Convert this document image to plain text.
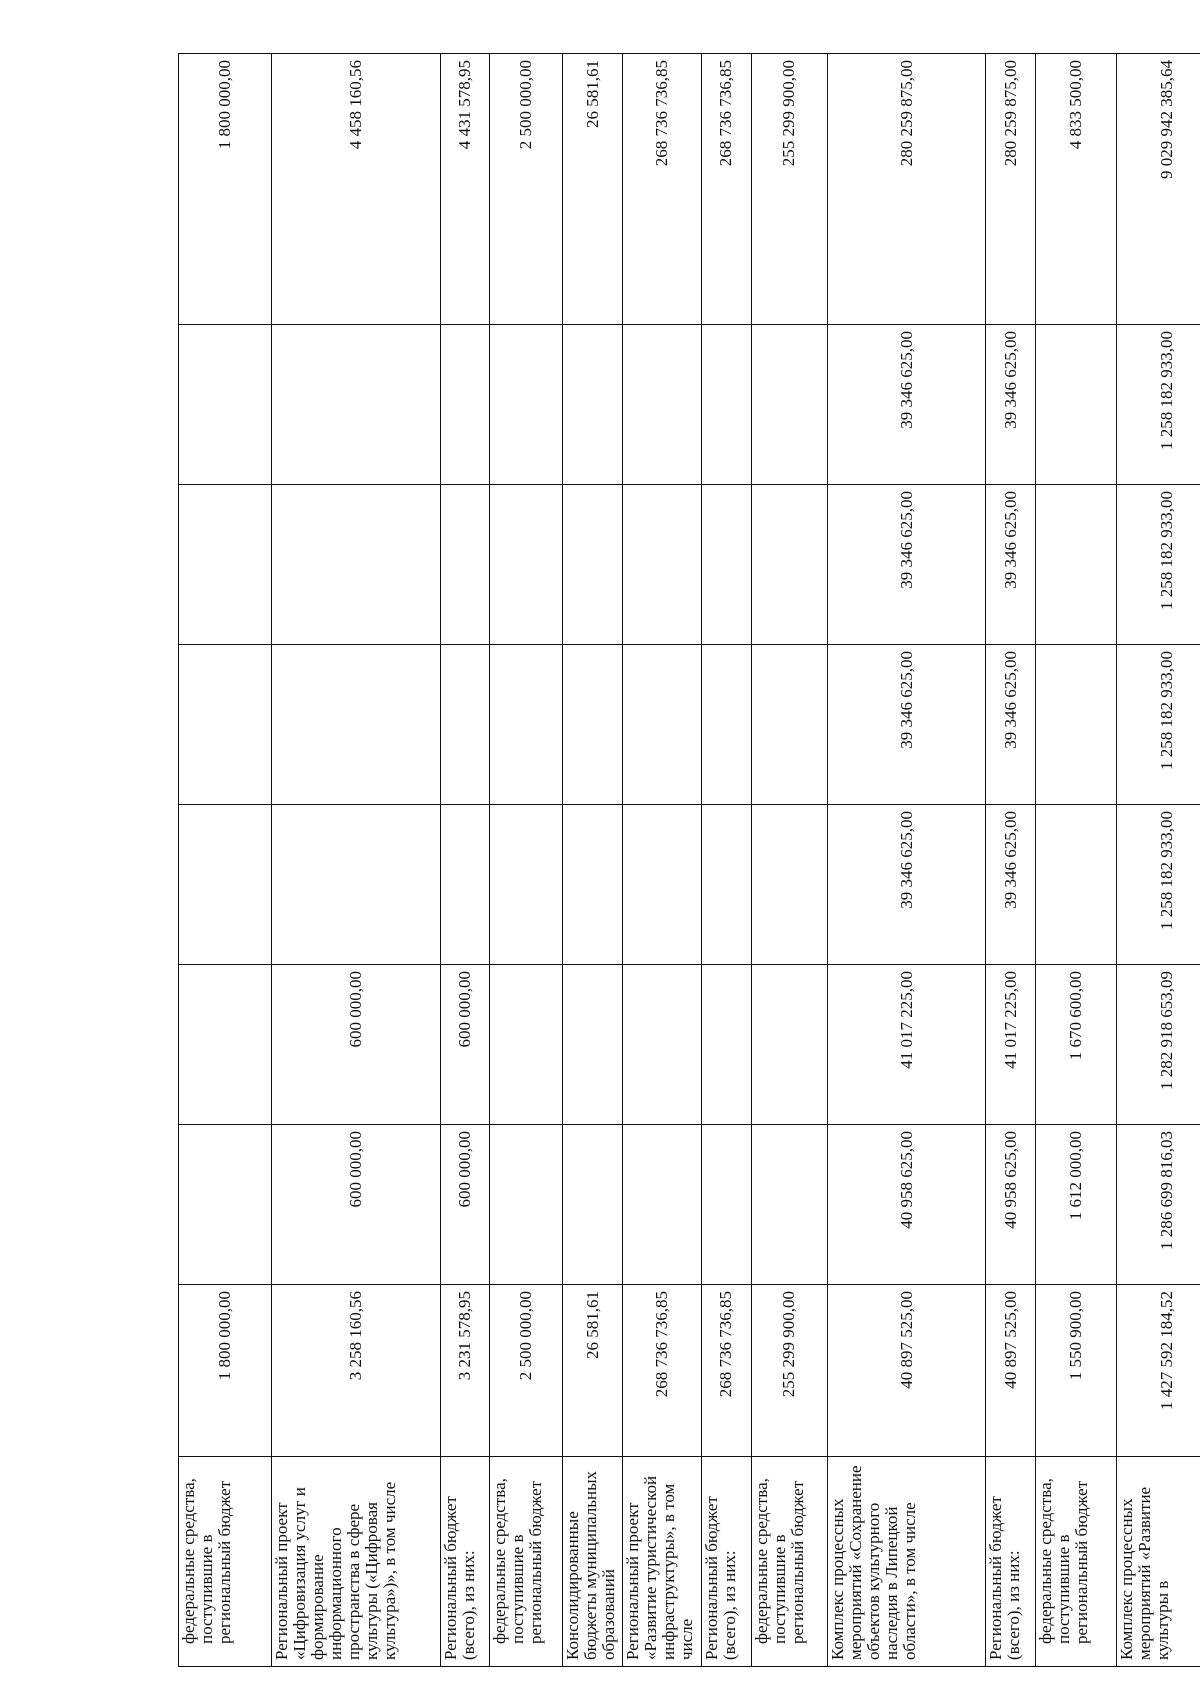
федеральные средства, поступившие в региональный бюджет	1 800 000,00							1 800 000,00
Региональный проект «Цифровизация услуг и формирование информационного пространства в сфере культуры («Цифровая культура»)», в том числе	3 258 160,56	600 000,00	600 000,00					4 458 160,56
Региональный бюджет (всего), из них:	3 231 578,95	600 000,00	600 000,00					4 431 578,95
федеральные средства, поступившие в региональный бюджет	2 500 000,00							2 500 000,00
Консолидированные бюджеты муниципальных образований	26 581,61							26 581,61
Региональный проект «Развитие туристической инфраструктуры», в том числе	268 736 736,85							268 736 736,85
Региональный бюджет (всего), из них:	268 736 736,85							268 736 736,85
федеральные средства, поступившие в региональный бюджет	255 299 900,00							255 299 900,00
Комплекс процессных мероприятий «Сохранение объектов культурного наследия в Липецкой области», в том числе	40 897 525,00	40 958 625,00	41 017 225,00	39 346 625,00	39 346 625,00	39 346 625,00	39 346 625,00	280 259 875,00
Региональный бюджет (всего), из них:	40 897 525,00	40 958 625,00	41 017 225,00	39 346 625,00	39 346 625,00	39 346 625,00	39 346 625,00	280 259 875,00
федеральные средства, поступившие в региональный бюджет	1 550 900,00	1 612 000,00	1 670 600,00					4 833 500,00
Комплекс процессных мероприятий «Развитие культуры в	1 427 592 184,52	1 286 699 816,03	1 282 918 653,09	1 258 182 933,00	1 258 182 933,00	1 258 182 933,00	1 258 182 933,00	9 029 942 385,64
